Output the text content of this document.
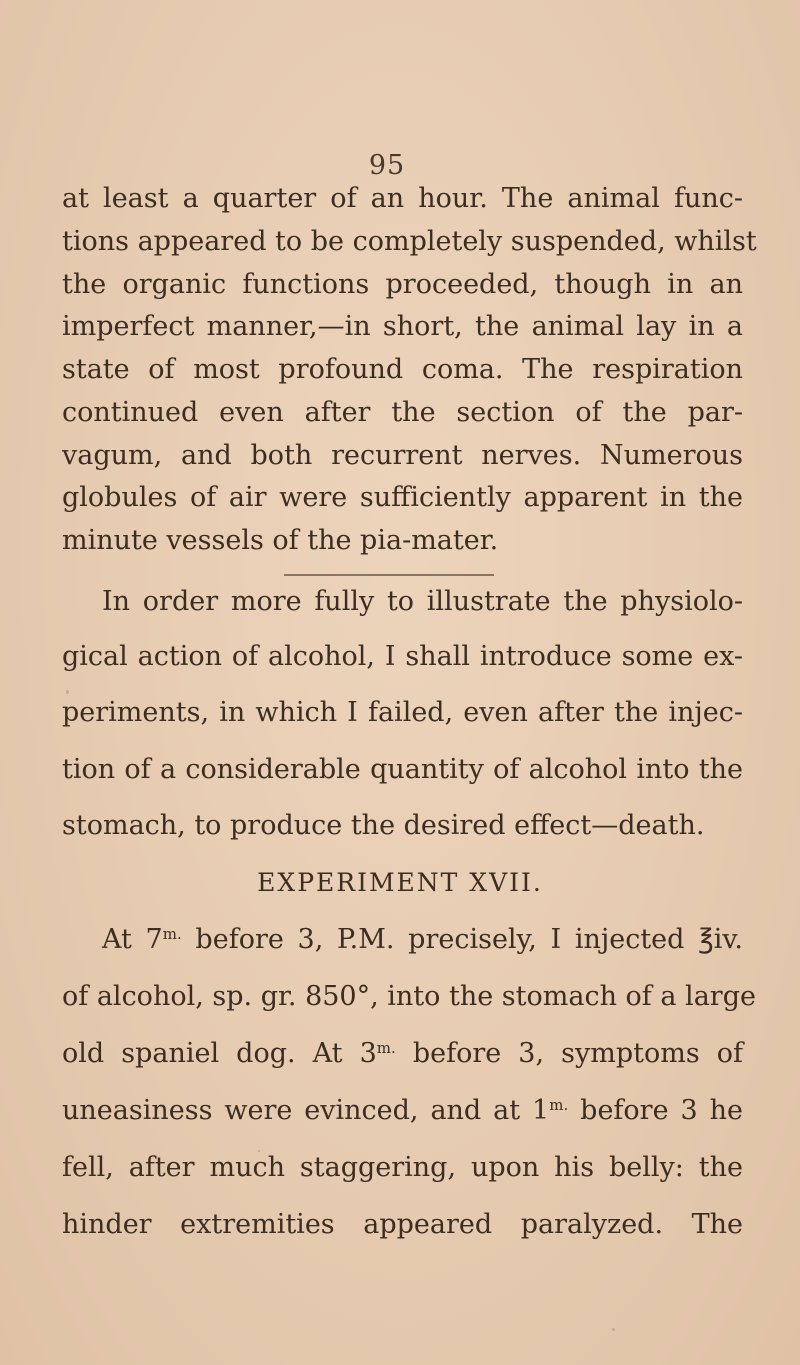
95
at least a quarter of an hour. The animal func-
tions appeared to be completely suspended, whilst
the organic functions proceeded, though in an
imperfect manner,—in short, the animal lay in a
state of most profound coma. The respiration
continued even after the section of the par-
vagum, and both recurrent nerves. Numerous
globules of air were sufficiently apparent in the
minute vessels of the pia-mater.
In order more fully to illustrate the physiolo-
gical action of alcohol, I shall introduce some ex-
periments, in which I failed, even after the injec-
tion of a considerable quantity of alcohol into the
stomach, to produce the desired effect—death.
EXPERIMENT XVII.
At $7^{m.}$ before 3, P.M. precisely, I injected ℥iv.
of alcohol, sp. gr. 850°, into the stomach of a large
old spaniel dog. At $3^{m.}$ before 3, symptoms of
uneasiness were evinced, and at $1^{m.}$ before 3 he
fell, after much staggering, upon his belly: the
hinder extremities appeared paralyzed. The
